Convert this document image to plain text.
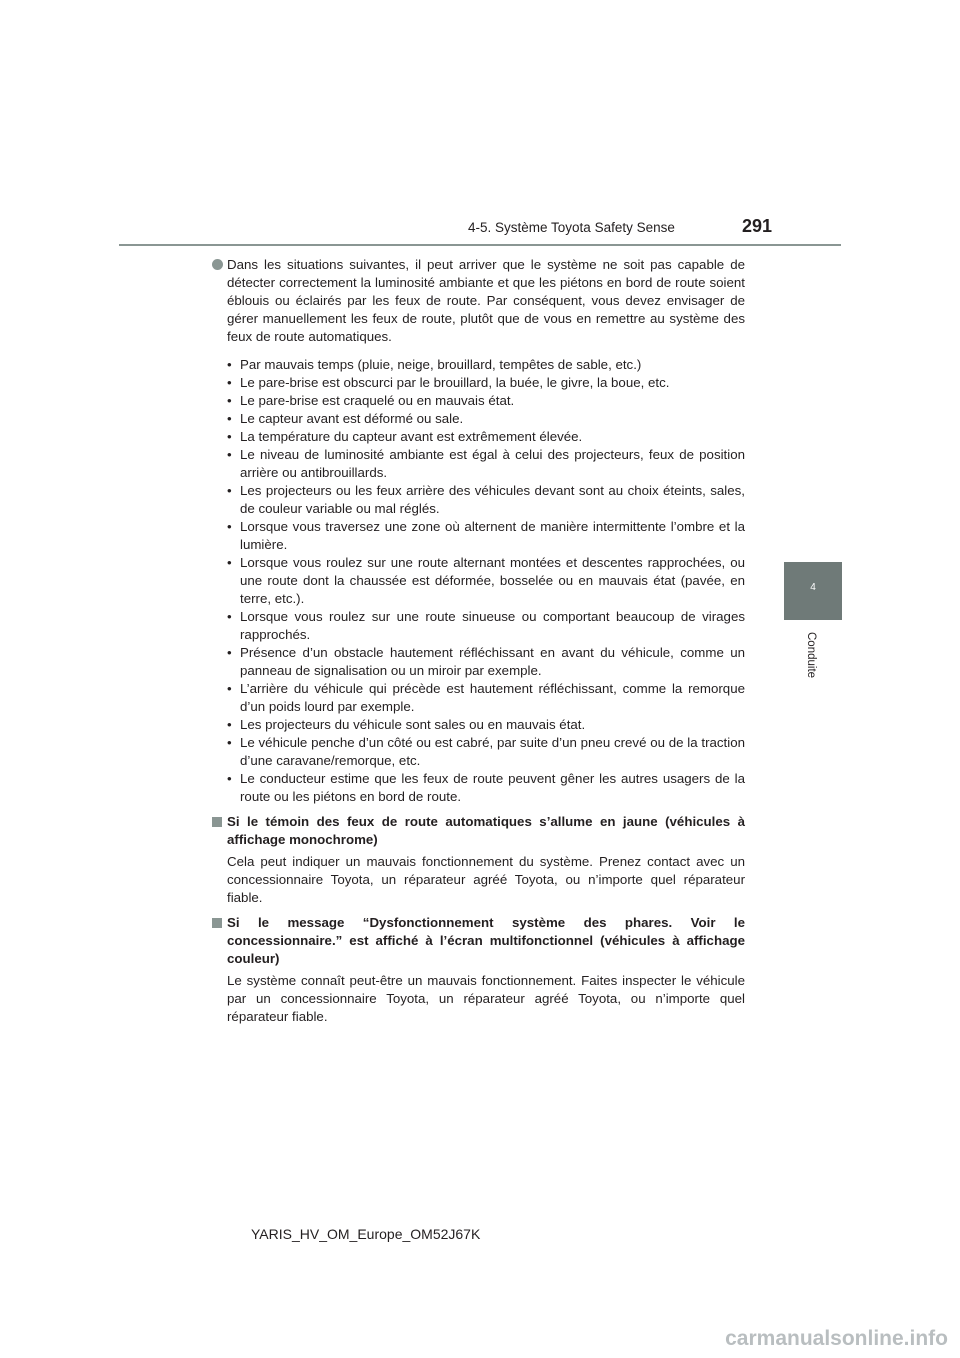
4-5. Système Toyota Safety Sense	291
4
Conduite
Dans les situations suivantes, il peut arriver que le système ne soit pas capable de détecter correctement la luminosité ambiante et que les piétons en bord de route soient éblouis ou éclairés par les feux de route. Par conséquent, vous devez envisager de gérer manuellement les feux de route, plutôt que de vous en remettre au système des feux de route automatiques.
• Par mauvais temps (pluie, neige, brouillard, tempêtes de sable, etc.)
• Le pare-brise est obscurci par le brouillard, la buée, le givre, la boue, etc.
• Le pare-brise est craquelé ou en mauvais état.
• Le capteur avant est déformé ou sale.
• La température du capteur avant est extrêmement élevée.
• Le niveau de luminosité ambiante est égal à celui des projecteurs, feux de position arrière ou antibrouillards.
• Les projecteurs ou les feux arrière des véhicules devant sont au choix éteints, sales, de couleur variable ou mal réglés.
• Lorsque vous traversez une zone où alternent de manière intermittente l’ombre et la lumière.
• Lorsque vous roulez sur une route alternant montées et descentes rapprochées, ou une route dont la chaussée est déformée, bosselée ou en mauvais état (pavée, en terre, etc.).
• Lorsque vous roulez sur une route sinueuse ou comportant beaucoup de virages rapprochés.
• Présence d’un obstacle hautement réfléchissant en avant du véhicule, comme un panneau de signalisation ou un miroir par exemple.
• L’arrière du véhicule qui précède est hautement réfléchissant, comme la remorque d’un poids lourd par exemple.
• Les projecteurs du véhicule sont sales ou en mauvais état.
• Le véhicule penche d’un côté ou est cabré, par suite d’un pneu crevé ou de la traction d’une caravane/remorque, etc.
• Le conducteur estime que les feux de route peuvent gêner les autres usagers de la route ou les piétons en bord de route.
Si le témoin des feux de route automatiques s’allume en jaune (véhicules à affichage monochrome)
Cela peut indiquer un mauvais fonctionnement du système. Prenez contact avec un concessionnaire Toyota, un réparateur agréé Toyota, ou n’importe quel réparateur fiable.
Si le message “Dysfonctionnement système des phares. Voir le concessionnaire.” est affiché à l’écran multifonctionnel (véhicules à affichage couleur)
Le système connaît peut-être un mauvais fonctionnement. Faites inspecter le véhicule par un concessionnaire Toyota, un réparateur agréé Toyota, ou n’importe quel réparateur fiable.
YARIS_HV_OM_Europe_OM52J67K
carmanualsonline.info
